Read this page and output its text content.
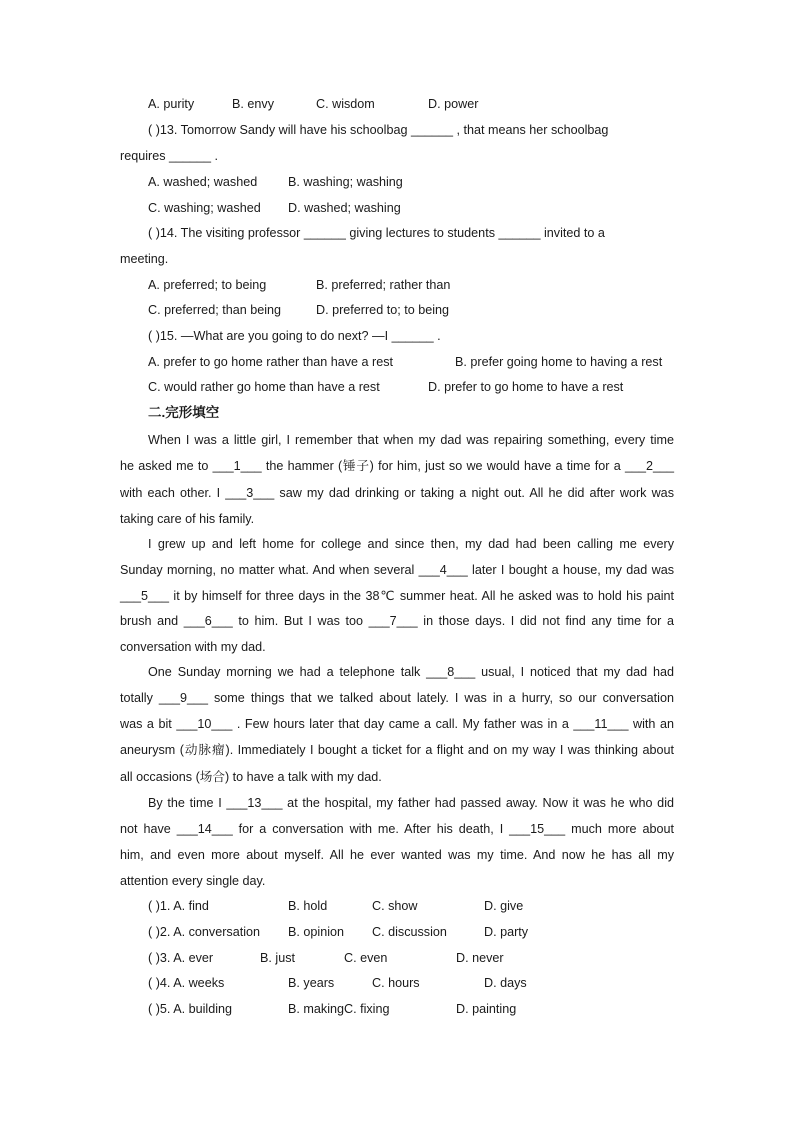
A. purity	B. envy	C. wisdom	D. power
( )13. Tomorrow Sandy will have his schoolbag ______ , that means her schoolbag
requires ______ .
A. washed; washed B. washing; washing
C. washing; washed D. washed; washing
( )14. The visiting professor ______ giving lectures to students ______ invited to a
meeting.
A. preferred; to being	B. preferred; rather than
C. preferred; than being	D. preferred to; to being
( )15. —What are you going to do next? —I ______ .
A. prefer to go home rather than have a rest	B. prefer going home to having a rest
C. would rather go home than have a rest	D. prefer to go home to have a rest
二.完形填空
When I was a little girl, I remember that when my dad was repairing something, every time
he asked me to ___1___ the hammer (锤子) for him, just so we would have a time for a ___2___
with each other. I ___3___ saw my dad drinking or taking a night out. All he did after work was
taking care of his family.
I grew up and left home for college and since then, my dad had been calling me every
Sunday morning, no matter what. And when several ___4___ later I bought a house, my dad was
___5___ it by himself for three days in the 38℃ summer heat. All he asked was to hold his paint
brush and ___6___ to him. But I was too ___7___ in those days. I did not find any time for a
conversation with my dad.
One Sunday morning we had a telephone talk ___8___ usual, I noticed that my dad had
totally ___9___ some things that we talked about lately. I was in a hurry, so our conversation
was a bit ___10___ . Few hours later that day came a call. My father was in a ___11___ with an
aneurysm (动脉瘤). Immediately I bought a ticket for a flight and on my way I was thinking about
all occasions (场合) to have a talk with my dad.
By the time I ___13___ at the hospital, my father had passed away. Now it was he who did
not have ___14___ for a conversation with me. After his death, I ___15___ much more about
him, and even more about myself. All he ever wanted was my time. And now he has all my
attention every single day.
( )1. A. find	B. hold	C. show	D. give
( )2. A. conversation B. opinion C. discussion	D. party
( )3. A. ever	B. just	C. even	D. never
( )4. A. weeks	B. years	C. hours	D. days
( )5. A. building	B. makingC. fixing	D. painting
